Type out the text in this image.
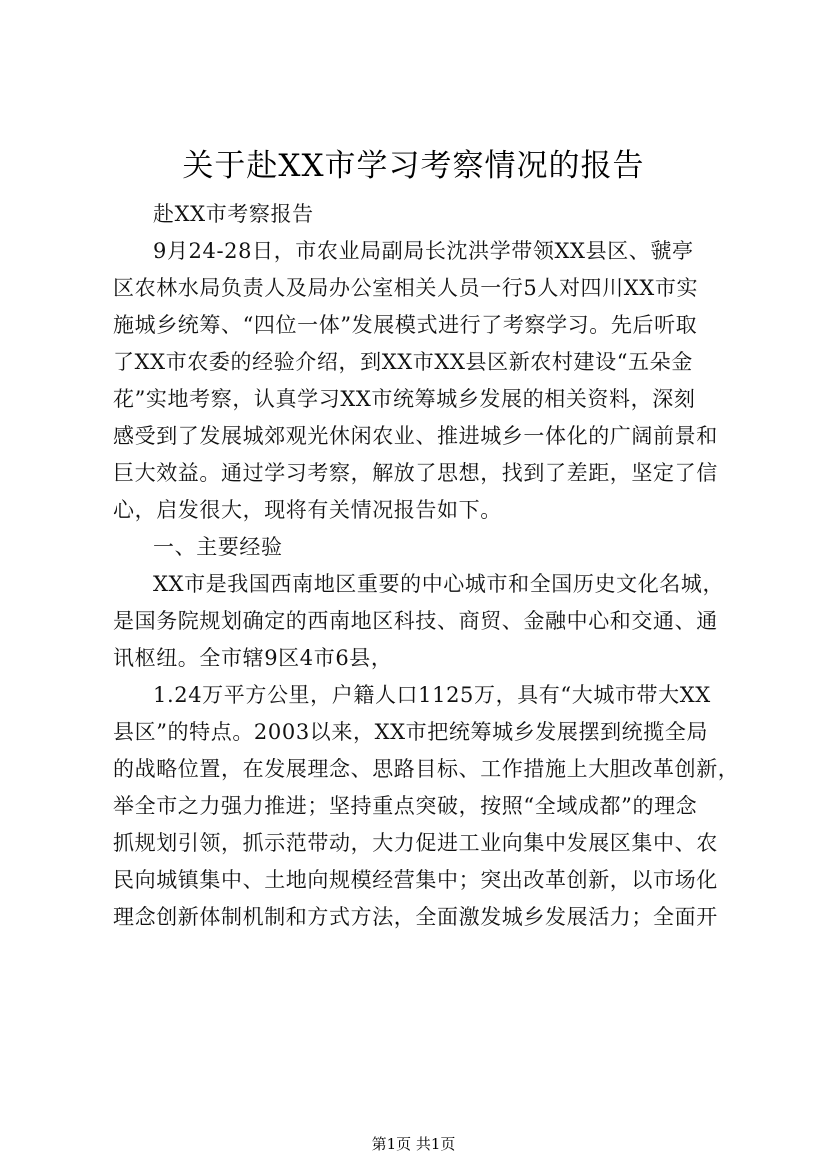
关于赴XX市学习考察情况的报告
赴XX市考察报告
9月24-28日，市农业局副局长沈洪学带领XX县区、虢亭
区农林水局负责人及局办公室相关人员一行5人对四川XX市实
施城乡统筹、“四位一体”发展模式进行了考察学习。先后听取
了XX市农委的经验介绍，到XX市XX县区新农村建设“五朵金
花”实地考察，认真学习XX市统筹城乡发展的相关资料，深刻
感受到了发展城郊观光休闲农业、推进城乡一体化的广阔前景和
巨大效益。通过学习考察，解放了思想，找到了差距，坚定了信
心，启发很大，现将有关情况报告如下。
一、主要经验
XX市是我国西南地区重要的中心城市和全国历史文化名城，
是国务院规划确定的西南地区科技、商贸、金融中心和交通、通
讯枢纽。全市辖9区4市6县，
1.24万平方公里，户籍人口1125万，具有“大城市带大XX
县区”的特点。2003以来，XX市把统筹城乡发展摆到统揽全局
的战略位置，在发展理念、思路目标、工作措施上大胆改革创新，
举全市之力强力推进；坚持重点突破，按照“全域成都”的理念
抓规划引领，抓示范带动，大力促进工业向集中发展区集中、农
民向城镇集中、土地向规模经营集中；突出改革创新，以市场化
理念创新体制机制和方式方法，全面激发城乡发展活力；全面开
第1页 共1页
